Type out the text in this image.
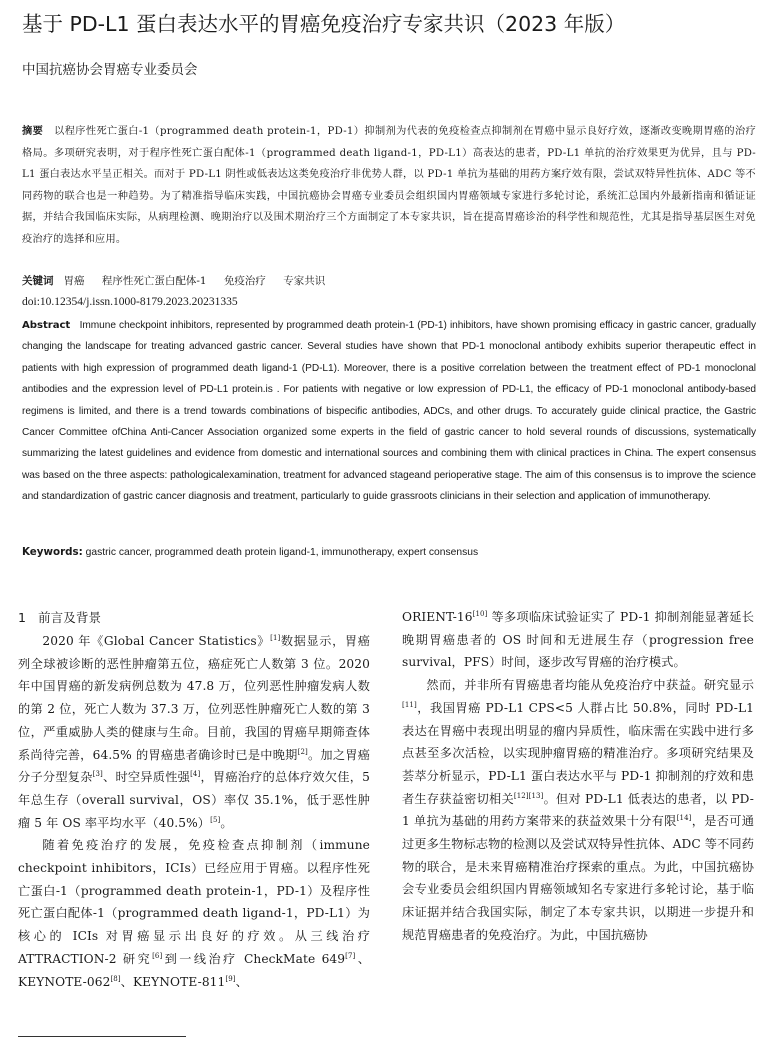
基于 PD-L1 蛋白表达水平的胃癌免疫治疗专家共识（2023 年版）
中国抗癌协会胃癌专业委员会
摘要 以程序性死亡蛋白-1（programmed death protein-1，PD-1）抑制剂为代表的免疫检查点抑制剂在胃癌中显示良好疗效，逐渐改变晚期胃癌的治疗格局。多项研究表明，对于程序性死亡蛋白配体-1（programmed death ligand-1，PD-L1）高表达的患者，PD-L1 单抗的治疗效果更为优异，且与 PD-L1 蛋白表达水平呈正相关。而对于 PD-L1 阴性或低表达这类免疫治疗非优势人群，以 PD-1 单抗为基础的用药方案疗效有限，尝试双特异性抗体、ADC 等不同药物的联合也是一种趋势。为了精准指导临床实践，中国抗癌协会胃癌专业委员会组织国内胃癌领域专家进行多轮讨论，系统汇总国内外最新指南和循证证据，并结合我国临床实际，从病理检测、晚期治疗以及围术期治疗三个方面制定了本专家共识，旨在提高胃癌诊治的科学性和规范性，尤其是指导基层医生对免疫治疗的选择和应用。
关键词 胃癌 程序性死亡蛋白配体-1 免疫治疗 专家共识
doi:10.12354/j.issn.1000-8179.2023.20231335
Abstract Immune checkpoint inhibitors, represented by programmed death protein-1 (PD-1) inhibitors, have shown promising efficacy in gastric cancer, gradually changing the landscape for treating advanced gastric cancer. Several studies have shown that PD-1 monoclonal antibody exhibits superior therapeutic effect in patients with high expression of programmed death ligand-1 (PD-L1). Moreover, there is a positive correlation between the treatment effect of PD-1 monoclonal antibodies and the expression level of PD-L1 protein.is . For patients with negative or low expression of PD-L1, the efficacy of PD-1 monoclonal antibody-based regimens is limited, and there is a trend towards combinations of bispecific antibodies, ADCs, and other drugs. To accurately guide clinical practice, the Gastric Cancer Committee ofChina Anti-Cancer Association organized some experts in the field of gastric cancer to hold several rounds of discussions, systematically summarizing the latest guidelines and evidence from domestic and international sources and combining them with clinical practices in China. The expert consensus was based on the three aspects: pathologicalexamination, treatment for advanced stageand perioperative stage. The aim of this consensus is to improve the science and standardization of gastric cancer diagnosis and treatment, particularly to guide grassroots clinicians in their selection and application of immunotherapy.
Keywords: gastric cancer, programmed death protein ligand-1, immunotherapy, expert consensus
1 前言及背景

2020 年《Global Cancer Statistics》[1]数据显示，胃癌列全球被诊断的恶性肿瘤第五位，癌症死亡人数第 3 位。2020 年中国胃癌的新发病例总数为 47.8 万，位列恶性肿瘤发病人数的第 2 位，死亡人数为 37.3 万，位列恶性肿瘤死亡人数的第 3 位，严重威胁人类的健康与生命。目前，我国的胃癌早期筛查体系尚待完善，64.5% 的胃癌患者确诊时已是中晚期[2]。加之胃癌分子分型复杂[3]、时空异质性强[4]，胃癌治疗的总体疗效欠佳，5 年总生存（overall survival，OS）率仅 35.1%，低于恶性肿瘤 5 年 OS 率平均水平（40.5%）[5]。

随着免疫治疗的发展，免疫检查点抑制剂（immune checkpoint inhibitors，ICIs）已经应用于胃癌。以程序性死亡蛋白-1（programmed death protein-1，PD-1）及程序性死亡蛋白配体-1（programmed death ligand-1，PD-L1）为核心的 ICIs 对胃癌显示出良好的疗效。从三线治疗 ATTRACTION-2 研究[6]到一线治疗 CheckMate 649[7]、KEYNOTE-062[8]、KEYNOTE-811[9]、

ORIENT-16[10] 等多项临床试验证实了 PD-1 抑制剂能显著延长晚期胃癌患者的 OS 时间和无进展生存（progression free survival，PFS）时间，逐步改写胃癌的治疗模式。

然而，并非所有胃癌患者均能从免疫治疗中获益。研究显示[11]，我国胃癌 PD-L1 CPS<5 人群占比 50.8%，同时 PD-L1 表达在胃癌中表现出明显的瘤内异质性，临床需在实践中进行多点甚至多次活检，以实现肿瘤胃癌的精准治疗。多项研究结果及荟萃分析显示，PD-L1 蛋白表达水平与 PD-1 抑制剂的疗效和患者生存获益密切相关[12][13]。但对 PD-L1 低表达的患者，以 PD-1 单抗为基础的用药方案带来的获益效果十分有限[14]，是否可通过更多生物标志物的检测以及尝试双特异性抗体、ADC 等不同药物的联合，是未来胃癌精准治疗探索的重点。为此，中国抗癌协会专业委员会组织国内胃癌领域知名专家进行多轮讨论，基于临床证据并结合我国实际，制定了本专家共识，以期进一步提升和规范胃癌患者的免疫治疗。为此，中国抗癌协
